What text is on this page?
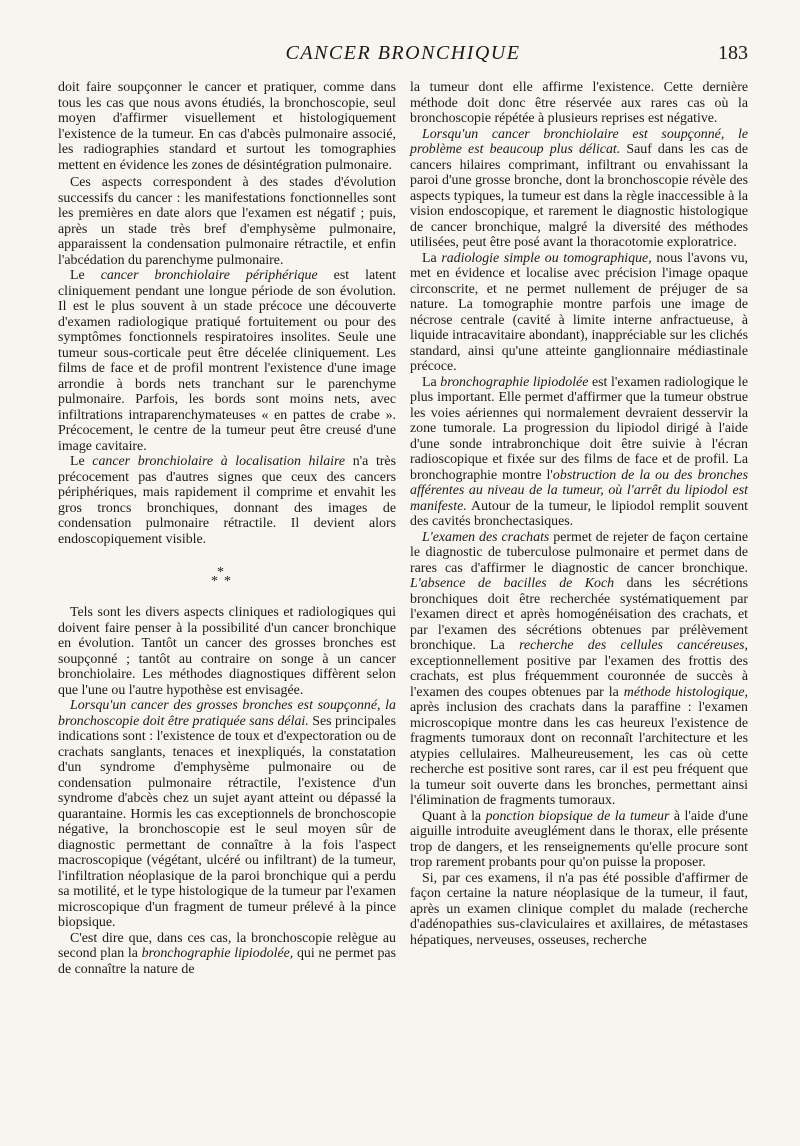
CANCER BRONCHIQUE	183

doit faire soupçonner le cancer et pratiquer, comme dans tous les cas que nous avons étudiés, la bronchoscopie, seul moyen d'affirmer visuellement et histologiquement l'existence de la tumeur. En cas d'abcès pulmonaire associé, les radiographies standard et surtout les tomographies mettent en évidence les zones de désintégration pulmonaire.

Ces aspects correspondent à des stades d'évolution successifs du cancer : les manifestations fonctionnelles sont les premières en date alors que l'examen est négatif ; puis, après un stade très bref d'emphysème pulmonaire, apparaissent la condensation pulmonaire rétractile, et enfin l'abcédation du parenchyme pulmonaire.

Le cancer bronchiolaire périphérique est latent cliniquement pendant une longue période de son évolution. Il est le plus souvent à un stade précoce une découverte d'examen radiologique pratiqué fortuitement ou pour des symptômes fonctionnels respiratoires insolites. Seule une tumeur sous-corticale peut être décelée cliniquement. Les films de face et de profil montrent l'existence d'une image arrondie à bords nets tranchant sur le parenchyme pulmonaire. Parfois, les bords sont moins nets, avec infiltrations intraparenchymateuses « en pattes de crabe ». Précocement, le centre de la tumeur peut être creusé d'une image cavitaire.

Le cancer bronchiolaire à localisation hilaire n'a très précocement pas d'autres signes que ceux des cancers périphériques, mais rapidement il comprime et envahit les gros troncs bronchiques, donnant des images de condensation pulmonaire rétractile. Il devient alors endoscopiquement visible.

*
* *

Tels sont les divers aspects cliniques et radiologiques qui doivent faire penser à la possibilité d'un cancer bronchique en évolution. Tantôt un cancer des grosses bronches est soupçonné ; tantôt au contraire on songe à un cancer bronchiolaire. Les méthodes diagnostiques diffèrent selon que l'une ou l'autre hypothèse est envisagée.

Lorsqu'un cancer des grosses bronches est soupçonné, la bronchoscopie doit être pratiquée sans délai. Ses principales indications sont : l'existence de toux et d'expectoration ou de crachats sanglants, tenaces et inexpliqués, la constatation d'un syndrome d'emphysème pulmonaire ou de condensation pulmonaire rétractile, l'existence d'un syndrome d'abcès chez un sujet ayant atteint ou dépassé la quarantaine. Hormis les cas exceptionnels de bronchoscopie négative, la bronchoscopie est le seul moyen sûr de diagnostic permettant de connaître à la fois l'aspect macroscopique (végétant, ulcéré ou infiltrant) de la tumeur, l'infiltration néoplasique de la paroi bronchique qui a perdu sa motilité, et le type histologique de la tumeur par l'examen microscopique d'un fragment de tumeur prélevé à la pince biopsique.

C'est dire que, dans ces cas, la bronchoscopie relègue au second plan la bronchographie lipiodolée, qui ne permet pas de connaître la nature de

la tumeur dont elle affirme l'existence. Cette dernière méthode doit donc être réservée aux rares cas où la bronchoscopie répétée à plusieurs reprises est négative.

Lorsqu'un cancer bronchiolaire est soupçonné, le problème est beaucoup plus délicat. Sauf dans les cas de cancers hilaires comprimant, infiltrant ou envahissant la paroi d'une grosse bronche, dont la bronchoscopie révèle des aspects typiques, la tumeur est dans la règle inaccessible à la vision endoscopique, et rarement le diagnostic histologique de cancer bronchique, malgré la diversité des méthodes utilisées, peut être posé avant la thoracotomie exploratrice.

La radiologie simple ou tomographique, nous l'avons vu, met en évidence et localise avec précision l'image opaque circonscrite, et ne permet nullement de préjuger de sa nature. La tomographie montre parfois une image de nécrose centrale (cavité à limite interne anfractueuse, à liquide intracavitaire abondant), inappréciable sur les clichés standard, ainsi qu'une atteinte ganglionnaire médiastinale précoce.

La bronchographie lipiodolée est l'examen radiologique le plus important. Elle permet d'affirmer que la tumeur obstrue les voies aériennes qui normalement devraient desservir la zone tumorale. La progression du lipiodol dirigé à l'aide d'une sonde intrabronchique doit être suivie à l'écran radioscopique et fixée sur des films de face et de profil. La bronchographie montre l'obstruction de la ou des bronches afférentes au niveau de la tumeur, où l'arrêt du lipiodol est manifeste. Autour de la tumeur, le lipiodol remplit souvent des cavités bronchectasiques.

L'examen des crachats permet de rejeter de façon certaine le diagnostic de tuberculose pulmonaire et permet dans de rares cas d'affirmer le diagnostic de cancer bronchique. L'absence de bacilles de Koch dans les sécrétions bronchiques doit être recherchée systématiquement par l'examen direct et après homogénéisation des crachats, et par l'examen des sécrétions obtenues par prélèvement bronchique. La recherche des cellules cancéreuses, exceptionnellement positive par l'examen des frottis des crachats, est plus fréquemment couronnée de succès à l'examen des coupes obtenues par la méthode histologique, après inclusion des crachats dans la paraffine : l'examen microscopique montre dans les cas heureux l'existence de fragments tumoraux dont on reconnaît l'architecture et les atypies cellulaires. Malheureusement, les cas où cette recherche est positive sont rares, car il est peu fréquent que la tumeur soit ouverte dans les bronches, permettant ainsi l'élimination de fragments tumoraux.

Quant à la ponction biopsique de la tumeur à l'aide d'une aiguille introduite aveuglément dans le thorax, elle présente trop de dangers, et les renseignements qu'elle procure sont trop rarement probants pour qu'on puisse la proposer.

Si, par ces examens, il n'a pas été possible d'affirmer de façon certaine la nature néoplasique de la tumeur, il faut, après un examen clinique complet du malade (recherche d'adénopathies sus-claviculaires et axillaires, de métastases hépatiques, nerveuses, osseuses, recherche
